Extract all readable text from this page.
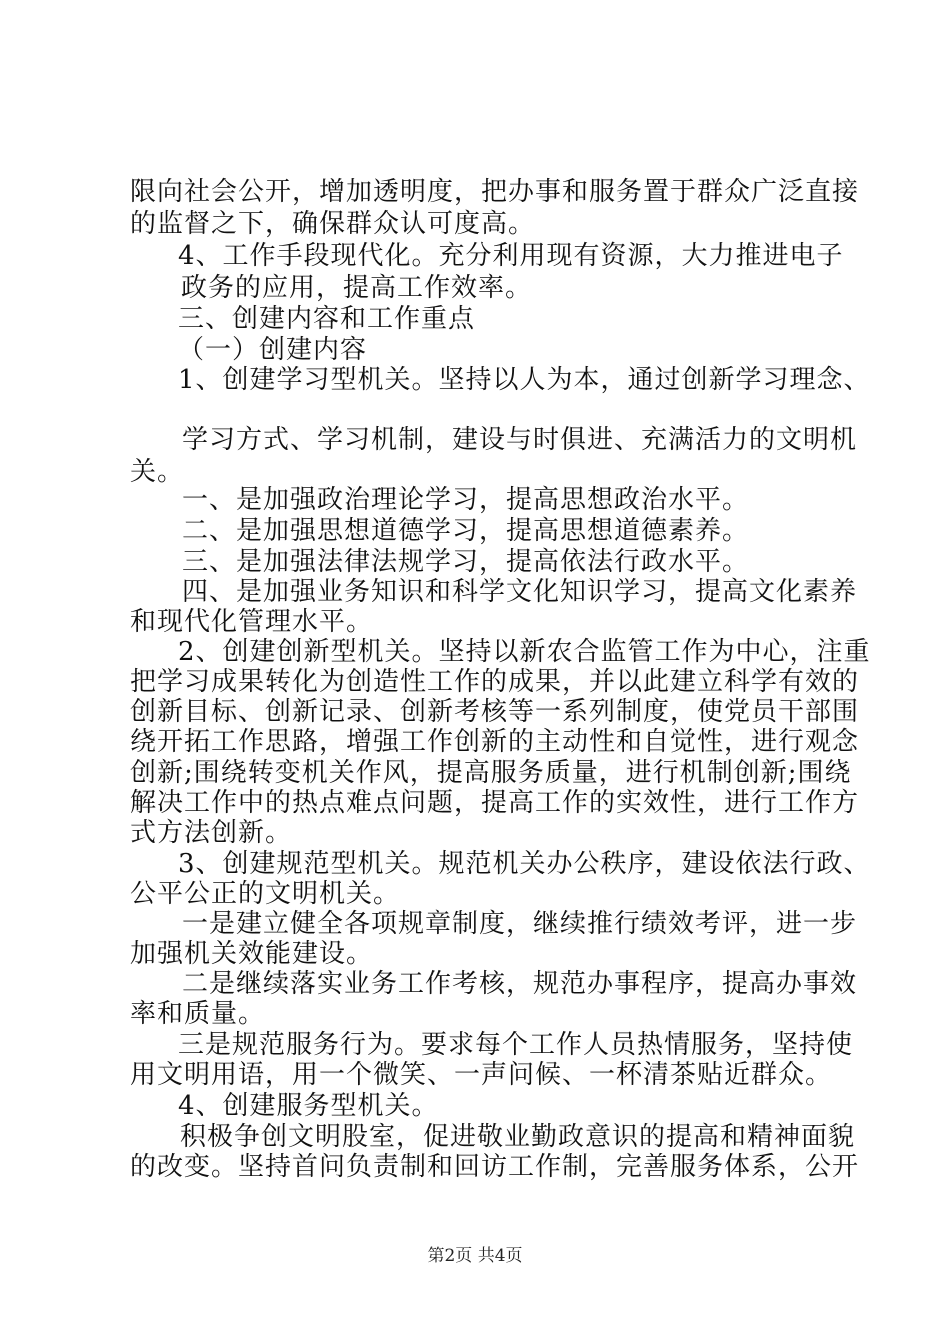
限向社会公开，增加透明度，把办事和服务置于群众广泛直接
的监督之下，确保群众认可度高。
4、工作手段现代化。充分利用现有资源，大力推进电子
政务的应用，提高工作效率。
三、创建内容和工作重点
（一）创建内容
1、创建学习型机关。坚持以人为本，通过创新学习理念、
学习方式、学习机制，建设与时俱进、充满活力的文明机
关。
一、是加强政治理论学习，提高思想政治水平。
二、是加强思想道德学习，提高思想道德素养。
三、是加强法律法规学习，提高依法行政水平。
四、是加强业务知识和科学文化知识学习，提高文化素养
和现代化管理水平。
2、创建创新型机关。坚持以新农合监管工作为中心，注重
把学习成果转化为创造性工作的成果，并以此建立科学有效的
创新目标、创新记录、创新考核等一系列制度，使党员干部围
绕开拓工作思路，增强工作创新的主动性和自觉性，进行观念
创新;围绕转变机关作风，提高服务质量，进行机制创新;围绕
解决工作中的热点难点问题，提高工作的实效性，进行工作方
式方法创新。
3、创建规范型机关。规范机关办公秩序，建设依法行政、
公平公正的文明机关。
一是建立健全各项规章制度，继续推行绩效考评，进一步
加强机关效能建设。
二是继续落实业务工作考核，规范办事程序，提高办事效
率和质量。
三是规范服务行为。要求每个工作人员热情服务，坚持使
用文明用语，用一个微笑、一声问候、一杯清茶贴近群众。
4、创建服务型机关。
积极争创文明股室，促进敬业勤政意识的提高和精神面貌
的改变。坚持首问负责制和回访工作制，完善服务体系，公开
第2页 共4页
